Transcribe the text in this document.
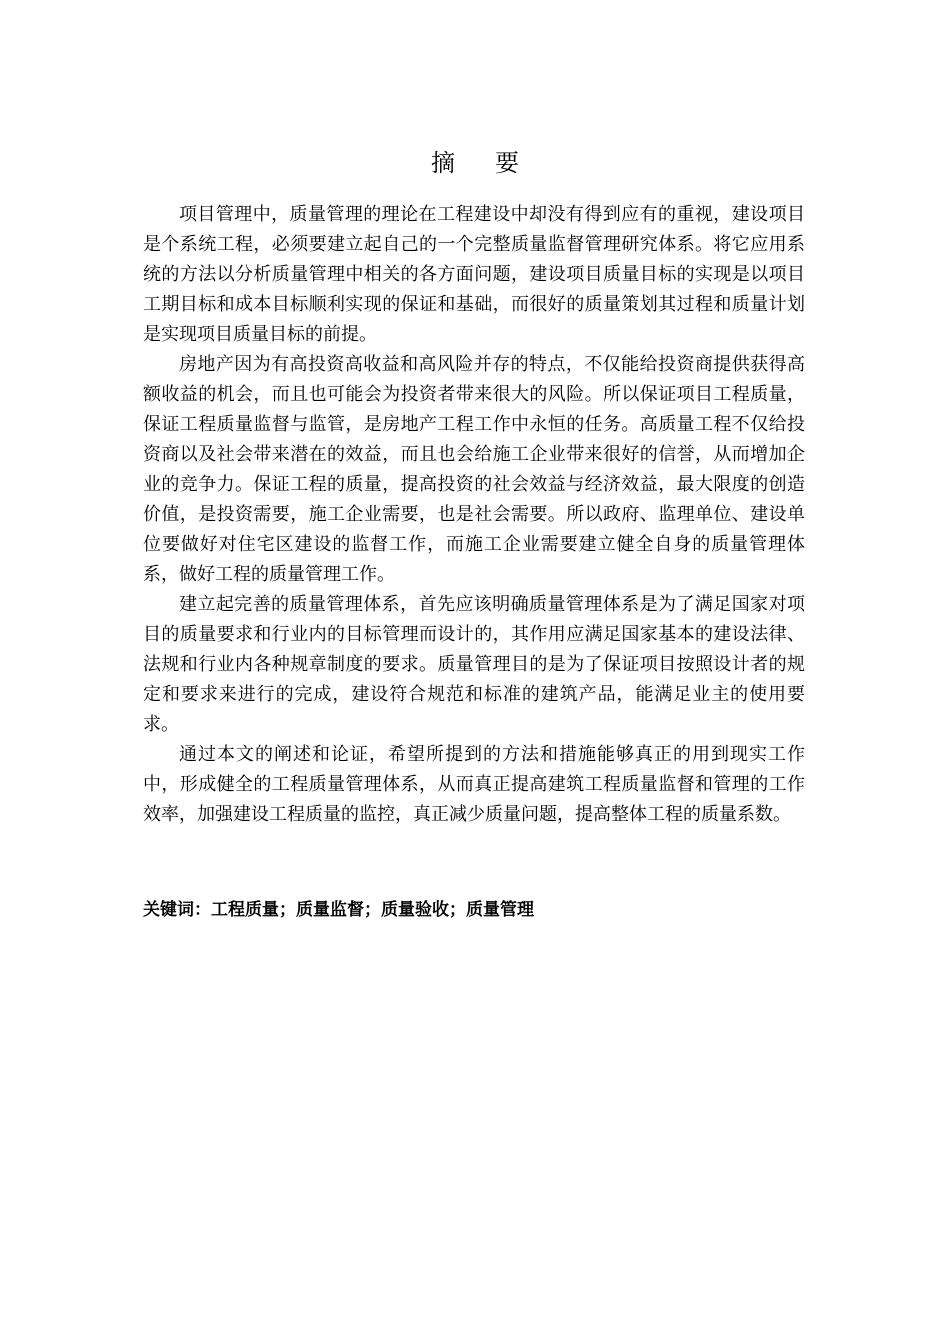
摘要

项目管理中，质量管理的理论在工程建设中却没有得到应有的重视，建设项目是个系统工程，必须要建立起自己的一个完整质量监督管理研究体系。将它应用系统的方法以分析质量管理中相关的各方面问题，建设项目质量目标的实现是以项目工期目标和成本目标顺利实现的保证和基础，而很好的质量策划其过程和质量计划是实现项目质量目标的前提。

房地产因为有高投资高收益和高风险并存的特点，不仅能给投资商提供获得高额收益的机会，而且也可能会为投资者带来很大的风险。所以保证项目工程质量，保证工程质量监督与监管，是房地产工程工作中永恒的任务。高质量工程不仅给投资商以及社会带来潜在的效益，而且也会给施工企业带来很好的信誉，从而增加企业的竞争力。保证工程的质量，提高投资的社会效益与经济效益，最大限度的创造价值，是投资需要，施工企业需要，也是社会需要。所以政府、监理单位、建设单位要做好对住宅区建设的监督工作，而施工企业需要建立健全自身的质量管理体系，做好工程的质量管理工作。

建立起完善的质量管理体系，首先应该明确质量管理体系是为了满足国家对项目的质量要求和行业内的目标管理而设计的，其作用应满足国家基本的建设法律、法规和行业内各种规章制度的要求。质量管理目的是为了保证项目按照设计者的规定和要求来进行的完成，建设符合规范和标准的建筑产品，能满足业主的使用要求。

通过本文的阐述和论证，希望所提到的方法和措施能够真正的用到现实工作中，形成健全的工程质量管理体系，从而真正提高建筑工程质量监督和管理的工作效率，加强建设工程质量的监控，真正减少质量问题，提高整体工程的质量系数。

关键词：工程质量；质量监督；质量验收；质量管理
